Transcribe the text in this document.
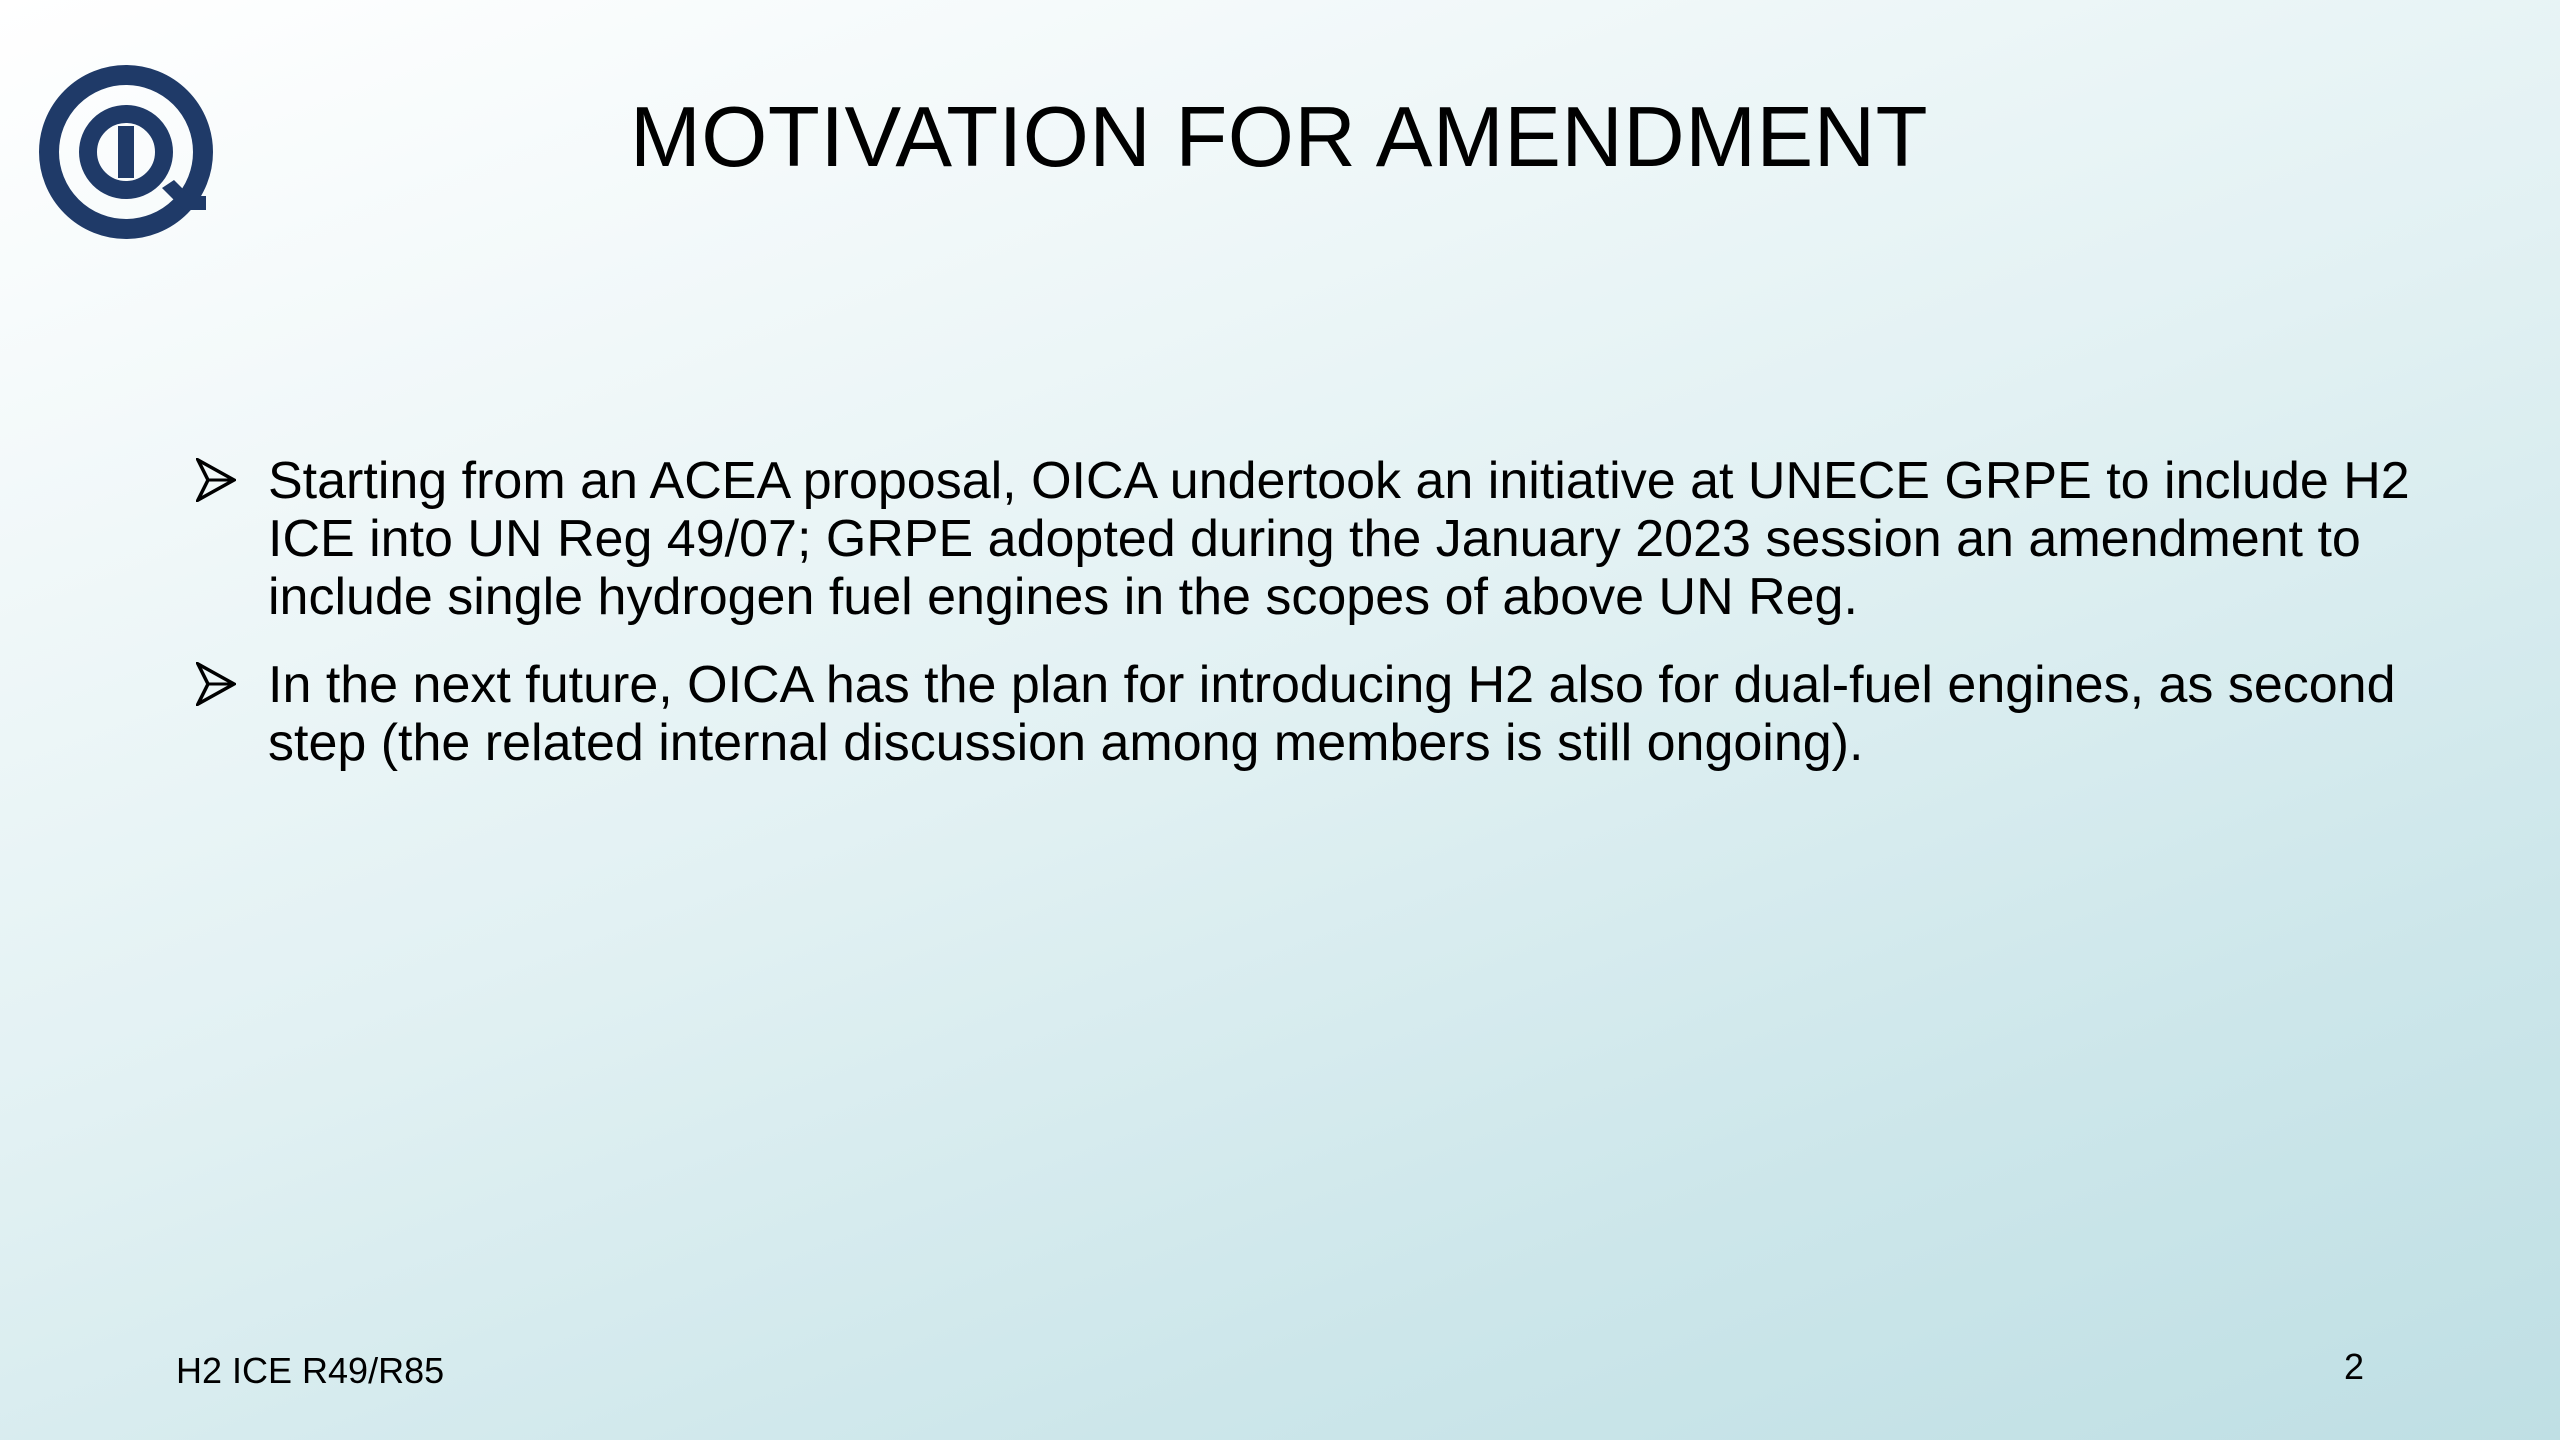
MOTIVATION FOR AMENDMENT
Starting from an ACEA proposal, OICA undertook an initiative at UNECE GRPE to include H2 ICE into UN Reg 49/07; GRPE adopted during the January 2023 session an amendment to include single hydrogen fuel engines in the scopes of above UN Reg.
In the next future, OICA has the plan for introducing H2 also for dual-fuel engines, as second step (the related internal discussion among members is still ongoing).
H2 ICE R49/R85	2
